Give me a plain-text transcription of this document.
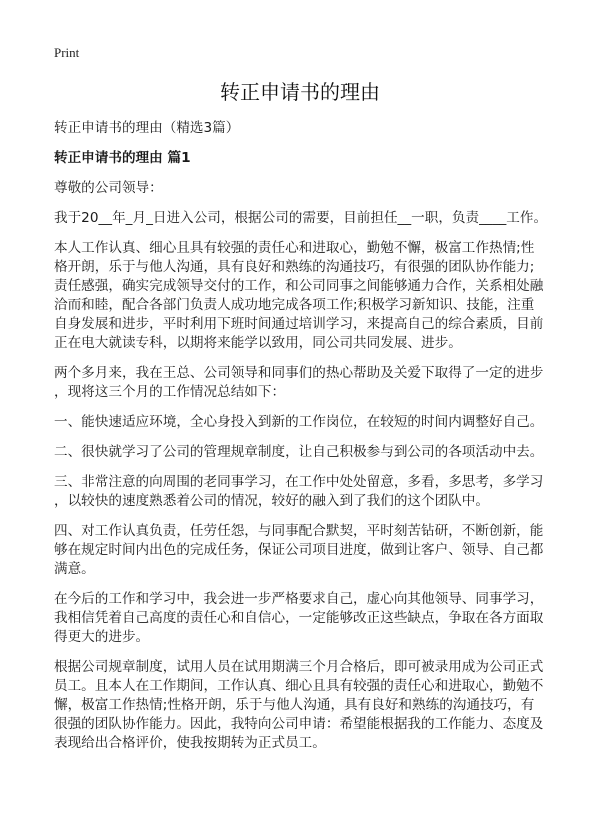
Print
转正申请书的理由

转正申请书的理由（精选3篇）

转正申请书的理由 篇1

尊敬的公司领导：

我于20__年_月_日进入公司，根据公司的需要，目前担任__一职，负责____工作。

本人工作认真、细心且具有较强的责任心和进取心，勤勉不懈，极富工作热情;性
格开朗，乐于与他人沟通，具有良好和熟练的沟通技巧，有很强的团队协作能力;
责任感强，确实完成领导交付的工作，和公司同事之间能够通力合作，关系相处融
洽而和睦，配合各部门负责人成功地完成各项工作;积极学习新知识、技能，注重
自身发展和进步，平时利用下班时间通过培训学习，来提高自己的综合素质，目前
正在电大就读专科，以期将来能学以致用，同公司共同发展、进步。

两个多月来，我在王总、公司领导和同事们的热心帮助及关爱下取得了一定的进步
，现将这三个月的工作情况总结如下：

一、能快速适应环境，全心身投入到新的工作岗位，在较短的时间内调整好自己。

二、很快就学习了公司的管理规章制度，让自己积极参与到公司的各项活动中去。

三、非常注意的向周围的老同事学习，在工作中处处留意，多看，多思考，多学习
，以较快的速度熟悉着公司的情况，较好的融入到了我们的这个团队中。

四、对工作认真负责，任劳任怨，与同事配合默契，平时刻苦钻研，不断创新，能
够在规定时间内出色的完成任务，保证公司项目进度，做到让客户、领导、自己都
满意。

在今后的工作和学习中，我会进一步严格要求自己，虚心向其他领导、同事学习，
我相信凭着自己高度的责任心和自信心，一定能够改正这些缺点，争取在各方面取
得更大的进步。

根据公司规章制度，试用人员在试用期满三个月合格后，即可被录用成为公司正式
员工。且本人在工作期间，工作认真、细心且具有较强的责任心和进取心，勤勉不
懈，极富工作热情;性格开朗，乐于与他人沟通，具有良好和熟练的沟通技巧，有
很强的团队协作能力。因此，我特向公司申请：希望能根据我的工作能力、态度及
表现给出合格评价，使我按期转为正式员工。
